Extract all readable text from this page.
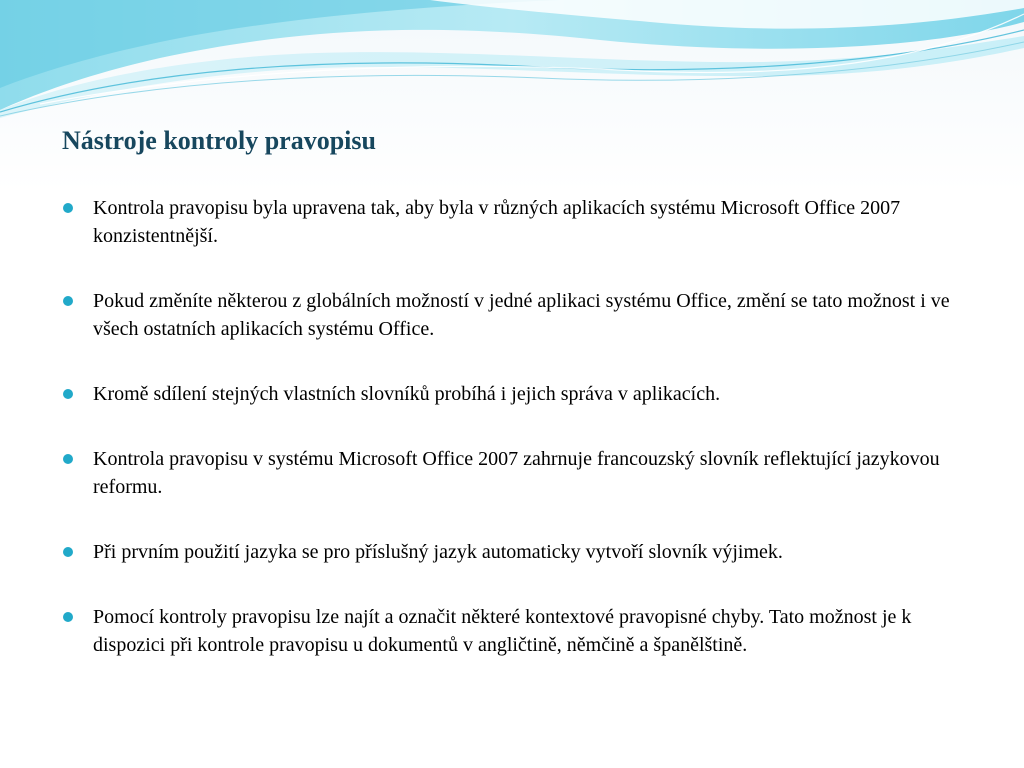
Nástroje kontroly pravopisu
Kontrola pravopisu byla upravena tak, aby byla v různých aplikacích systému Microsoft Office 2007 konzistentnější.
Pokud změníte některou z globálních možností v jedné aplikaci systému Office, změní se tato možnost i ve všech ostatních aplikacích systému Office.
Kromě sdílení stejných vlastních slovníků probíhá i jejich správa v aplikacích.
Kontrola pravopisu v systému Microsoft Office 2007 zahrnuje francouzský slovník reflektující jazykovou reformu.
Při prvním použití jazyka se pro příslušný jazyk automaticky vytvoří slovník výjimek.
Pomocí kontroly pravopisu lze najít a označit některé kontextové pravopisné chyby. Tato možnost je k dispozici při kontrole pravopisu u dokumentů v angličtině, němčině a španělštině.
